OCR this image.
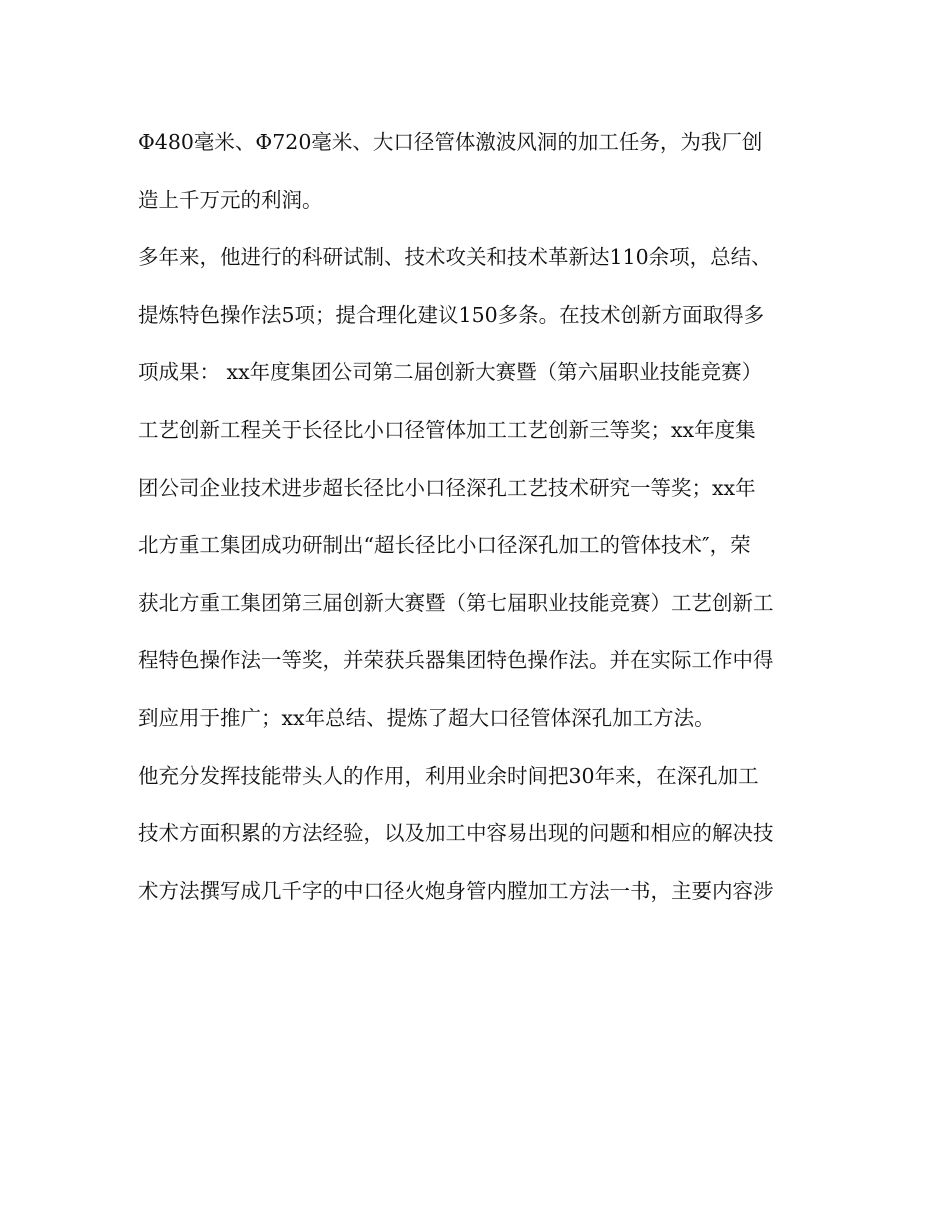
Φ480毫米、Φ720毫米、大口径管体激波风洞的加工任务，为我厂创
造上千万元的利润。
多年来，他进行的科研试制、技术攻关和技术革新达110余项，总结、
提炼特色操作法5项；提合理化建议150多条。在技术创新方面取得多
项成果： xx年度集团公司第二届创新大赛暨（第六届职业技能竞赛）
工艺创新工程关于长径比小口径管体加工工艺创新三等奖；xx年度集
团公司企业技术进步超长径比小口径深孔工艺技术研究一等奖；xx年
北方重工集团成功研制出“超长径比小口径深孔加工的管体技术″，荣
获北方重工集团第三届创新大赛暨（第七届职业技能竞赛）工艺创新工
程特色操作法一等奖，并荣获兵器集团特色操作法。并在实际工作中得
到应用于推广；xx年总结、提炼了超大口径管体深孔加工方法。
他充分发挥技能带头人的作用，利用业余时间把30年来，在深孔加工
技术方面积累的方法经验，以及加工中容易出现的问题和相应的解决技
术方法撰写成几千字的中口径火炮身管内膛加工方法一书，主要内容涉
